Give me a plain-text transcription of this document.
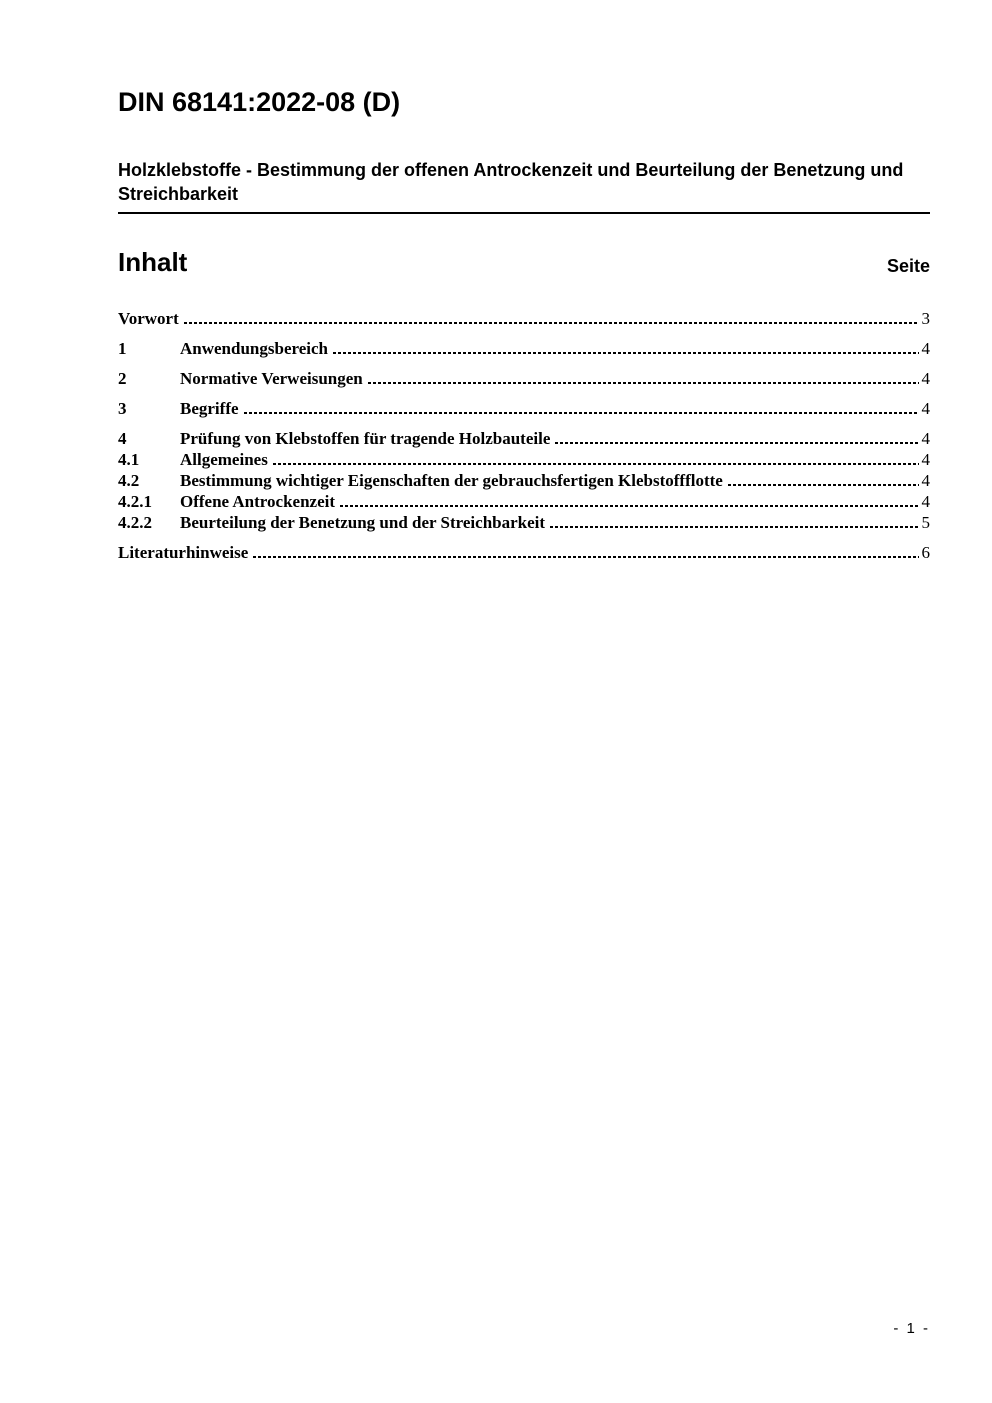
DIN 68141:2022-08 (D)
Holzklebstoffe - Bestimmung der offenen Antrockenzeit und Beurteilung der Benetzung und Streichbarkeit
Inhalt	Seite
Vorwort	3
1	Anwendungsbereich	4
2	Normative Verweisungen	4
3	Begriffe	4
4	Prüfung von Klebstoffen für tragende Holzbauteile	4
4.1	Allgemeines	4
4.2	Bestimmung wichtiger Eigenschaften der gebrauchsfertigen Klebstoffflotte	4
4.2.1	Offene Antrockenzeit	4
4.2.2	Beurteilung der Benetzung und der Streichbarkeit	5
Literaturhinweise	6
- 1 -
